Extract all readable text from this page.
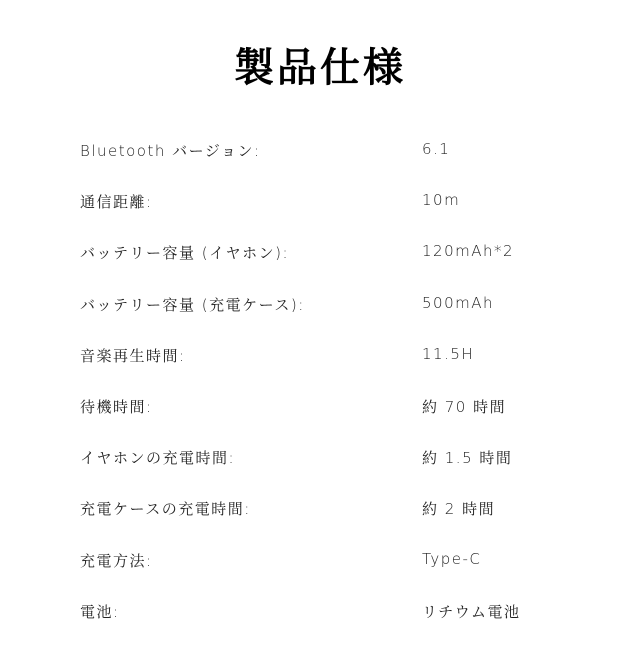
製品仕様
Bluetooth バージョン:	6.1
通信距離:	10m
バッテリー容量 (イヤホン):	120mAh*2
バッテリー容量 (充電ケース):	500mAh
音楽再生時間:	11.5H
待機時間:	約 70 時間
イヤホンの充電時間:	約 1.5 時間
充電ケースの充電時間:	約 2 時間
充電方法:	Type-C
電池:	リチウム電池
